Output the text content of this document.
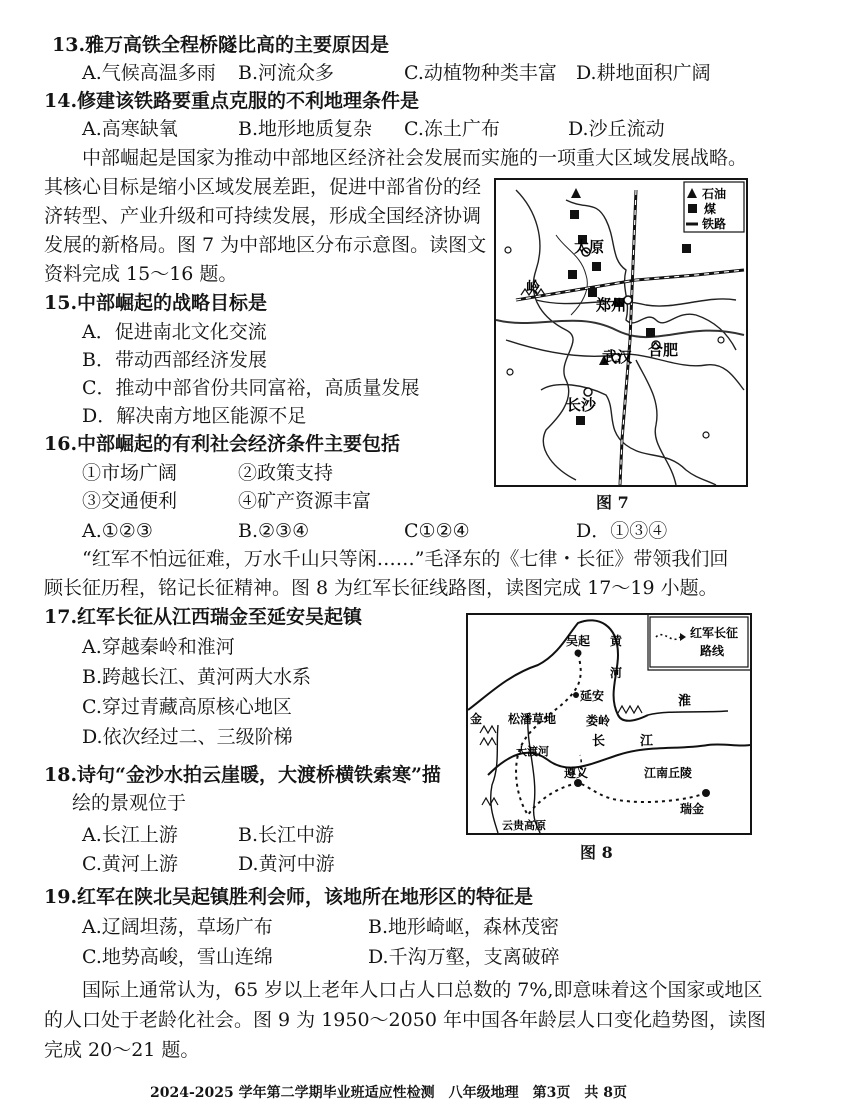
13.雅万高铁全程桥隧比高的主要原因是
A.气候高温多雨 B.河流众多	C.动植物种类丰富 D.耕地面积广阔
14.修建该铁路要重点克服的不利地理条件是
A.高寒缺氧	B.地形地质复杂 C.冻土广布	D.沙丘流动
中部崛起是国家为推动中部地区经济社会发展而实施的一项重大区域发展战略。
其核心目标是缩小区域发展差距，促进中部省份的经
济转型、产业升级和可持续发展，形成全国经济协调
发展的新格局。图 7 为中部地区分布示意图。读图文
资料完成 15～16 题。
15.中部崛起的战略目标是
A．促进南北文化交流
B．带动西部经济发展
C．推动中部省份共同富裕，高质量发展
D．解决南方地区能源不足
16.中部崛起的有利社会经济条件主要包括
①市场广阔	②政策支持
③交通便利	④矿产资源丰富
A.①②③	B.②③④	C①②④	D．①③④
石油
煤
铁路
太原
岭
郑州
武汉 合肥
长沙
图 7
“红军不怕远征难，万水千山只等闲……”毛泽东的《七律・长征》带领我们回
顾长征历程，铭记长征精神。图 8 为红军长征线路图，读图完成 17～19 小题。
17.红军长征从江西瑞金至延安吴起镇
A.穿越秦岭和淮河
B.跨越长江、黄河两大水系
C.穿过青藏高原核心地区
D.依次经过二、三级阶梯
18.诗句“金沙水拍云崖暖，大渡桥横铁索寒”描
绘的景观位于
A.长江上游	B.长江中游
C.黄河上游	D.黄河中游
红军长征
路线
吴起 黄
河
延安	淮
松潘草地 娄岭
长	江
金
大渡河
遵义	江南丘陵
瑞金
云贵高原
图 8
19.红军在陕北吴起镇胜利会师，该地所在地形区的特征是
A.辽阔坦荡，草场广布	B.地形崎岖，森林茂密
C.地势高峻，雪山连绵	D.千沟万壑，支离破碎
国际上通常认为，65 岁以上老年人口占人口总数的 7%,即意味着这个国家或地区
的人口处于老龄化社会。图 9 为 1950～2050 年中国各年龄层人口变化趋势图，读图
完成 20～21 题。
2024-2025 学年第二学期毕业班适应性检测　八年级地理　第3页　共 8页
